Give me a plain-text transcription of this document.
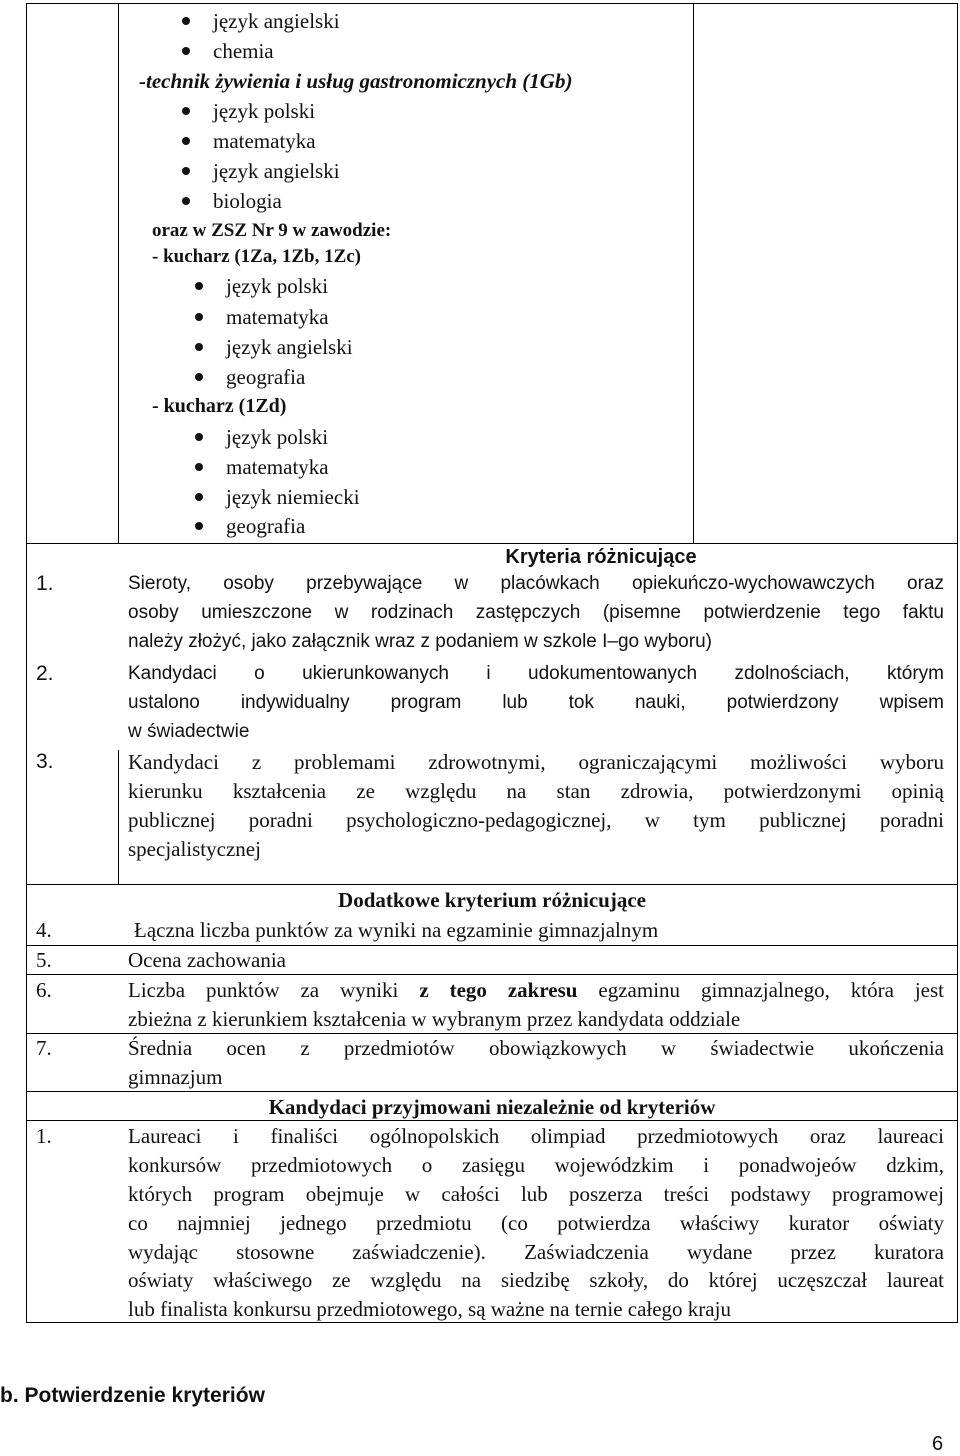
język angielski
chemia
-technik żywienia i usług gastronomicznych (1Gb)
język polski
matematyka
język angielski
biologia
oraz w ZSZ Nr 9 w zawodzie:
- kucharz (1Za, 1Zb, 1Zc)
język polski
matematyka
język angielski
geografia
- kucharz (1Zd)
język polski
matematyka
język niemiecki
geografia
Kryteria różnicujące
1.	Sieroty, osoby przebywające w placówkach opiekuńczo-wychowawczych oraz
osoby umieszczone w rodzinach zastępczych (pisemne potwierdzenie tego faktu
należy złożyć, jako załącznik wraz z podaniem w szkole I–go wyboru)
2.	Kandydaci o ukierunkowanych i udokumentowanych zdolnościach, którym
ustalono indywidualny program lub tok nauki, potwierdzony wpisem
w świadectwie
3.	Kandydaci z problemami zdrowotnymi, ograniczającymi możliwości wyboru
kierunku kształcenia ze względu na stan zdrowia, potwierdzonymi opinią
publicznej poradni psychologiczno-pedagogicznej, w tym publicznej poradni
specjalistycznej
Dodatkowe kryterium różnicujące
4.	Łączna liczba punktów za wyniki na egzaminie gimnazjalnym
5.	Ocena zachowania
6.	Liczba punktów za wyniki z tego zakresu egzaminu gimnazjalnego, która jest
zbieżna z kierunkiem kształcenia w wybranym przez kandydata oddziale
7.	Średnia ocen z przedmiotów obowiązkowych w świadectwie ukończenia
gimnazjum
Kandydaci przyjmowani niezależnie od kryteriów
1.	Laureaci i finaliści ogólnopolskich olimpiad przedmiotowych oraz laureaci
konkursów przedmiotowych o zasięgu wojewódzkim i ponadwojeów dzkim,
których program obejmuje w całości lub poszerza treści podstawy programowej
co najmniej jednego przedmiotu (co potwierdza właściwy kurator oświaty
wydając stosowne zaświadczenie). Zaświadczenia wydane przez kuratora
oświaty właściwego ze względu na siedzibę szkoły, do której uczęszczał laureat
lub finalista konkursu przedmiotowego, są ważne na ternie całego kraju
b. Potwierdzenie kryteriów
6
